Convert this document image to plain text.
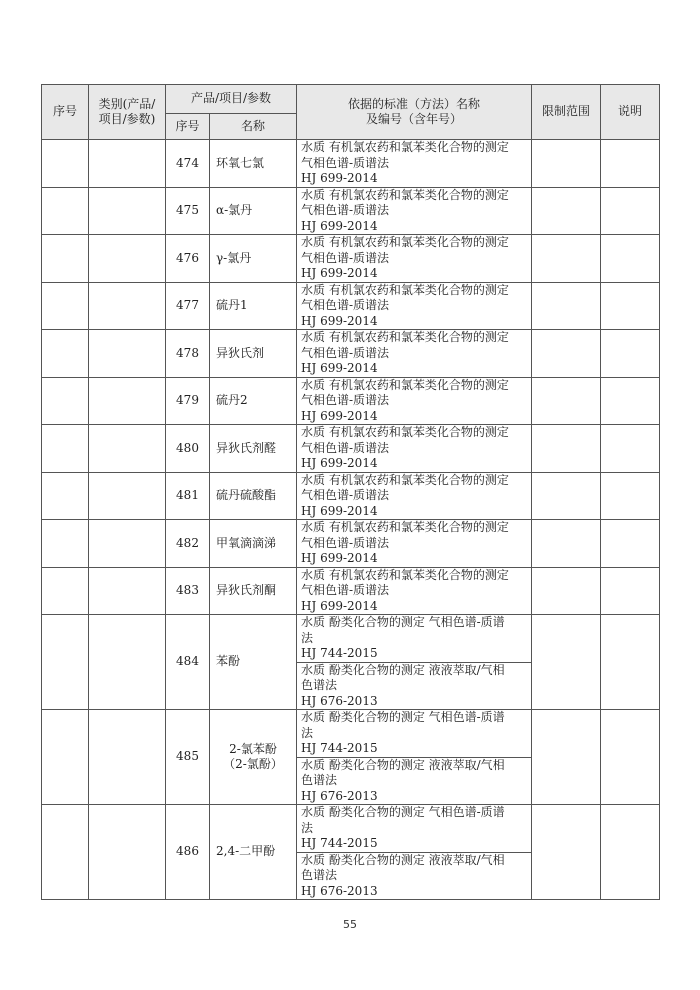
序号	类别(产品/
项目/参数)	产品/项目/参数		依据的标准（方法）名称
及编号（含年号）	限制范围	说明
		序号	名称			
		474	环氧七氯	水质 有机氯农药和氯苯类化合物的测定
气相色谱-质谱法
HJ 699-2014		

		475	α-氯丹	水质 有机氯农药和氯苯类化合物的测定
气相色谱-质谱法
HJ 699-2014		

		476	γ-氯丹	水质 有机氯农药和氯苯类化合物的测定
气相色谱-质谱法
HJ 699-2014		

		477	硫丹1	水质 有机氯农药和氯苯类化合物的测定
气相色谱-质谱法
HJ 699-2014		

		478	异狄氏剂	水质 有机氯农药和氯苯类化合物的测定
气相色谱-质谱法
HJ 699-2014		

		479	硫丹2	水质 有机氯农药和氯苯类化合物的测定
气相色谱-质谱法
HJ 699-2014		

		480	异狄氏剂醛	水质 有机氯农药和氯苯类化合物的测定
气相色谱-质谱法
HJ 699-2014		

		481	硫丹硫酸酯	水质 有机氯农药和氯苯类化合物的测定
气相色谱-质谱法
HJ 699-2014		

		482	甲氧滴滴涕	水质 有机氯农药和氯苯类化合物的测定
气相色谱-质谱法
HJ 699-2014		

		483	异狄氏剂酮	水质 有机氯农药和氯苯类化合物的测定
气相色谱-质谱法
HJ 699-2014		

		484	苯酚	水质 酚类化合物的测定 气相色谱-质谱
法
HJ 744-2015		

				水质 酚类化合物的测定 液液萃取/气相
色谱法
HJ 676-2013		

		485	2-氯苯酚
（2-氯酚）	水质 酚类化合物的测定 气相色谱-质谱
法
HJ 744-2015		

				水质 酚类化合物的测定 液液萃取/气相
色谱法
HJ 676-2013		

		486	2,4-二甲酚	水质 酚类化合物的测定 气相色谱-质谱
法
HJ 744-2015		

				水质 酚类化合物的测定 液液萃取/气相
色谱法
HJ 676-2013		
55
